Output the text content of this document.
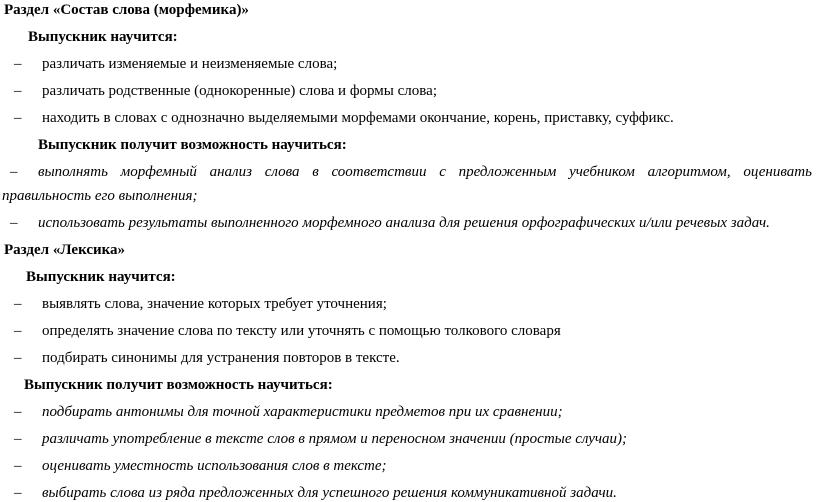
Раздел «Состав слова (морфемика)»
Выпускник научится:
– различать изменяемые и неизменяемые слова;
– различать родственные (однокоренные) слова и формы слова;
– находить в словах с однозначно выделяемыми морфемами окончание, корень, приставку, суффикс.
Выпускник получит возможность научиться:
– выполнять морфемный анализ слова в соответствии с предложенным учебником алгоритмом, оценивать
правильность его выполнения;
– использовать результаты выполненного морфемного анализа для решения орфографических и/или речевых задач.
Раздел «Лексика»
Выпускник научится:
– выявлять слова, значение которых требует уточнения;
– определять значение слова по тексту или уточнять с помощью толкового словаря
– подбирать синонимы для устранения повторов в тексте.
Выпускник получит возможность научиться:
– подбирать антонимы для точной характеристики предметов при их сравнении;
– различать употребление в тексте слов в прямом и переносном значении (простые случаи);
– оценивать уместность использования слов в тексте;
– выбирать слова из ряда предложенных для успешного решения коммуникативной задачи.
